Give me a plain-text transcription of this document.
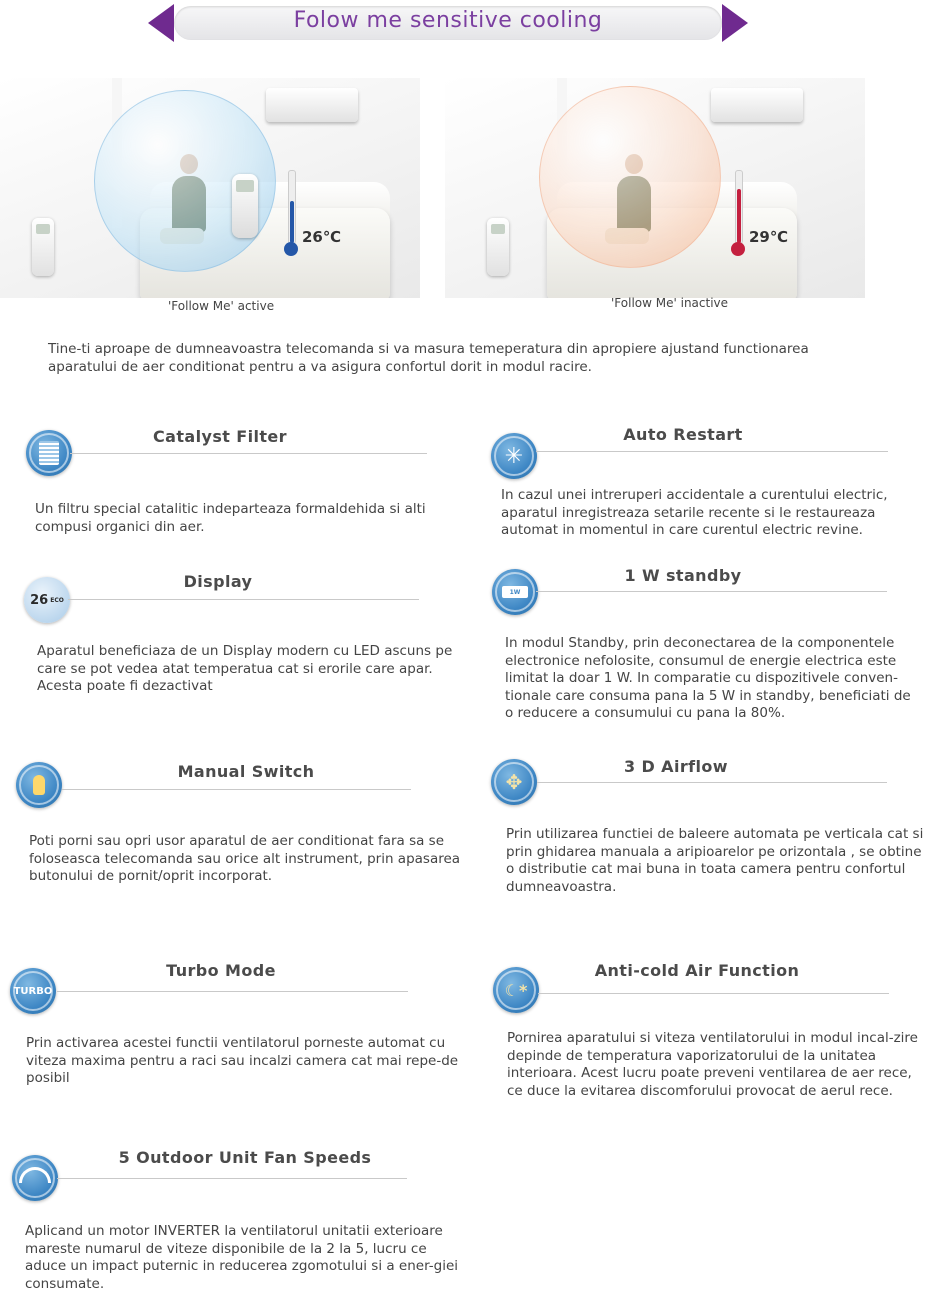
Folow me sensitive cooling
26℃
'Follow Me' active
29℃
'Follow Me' inactive
Tine-ti aproape de dumneavoastra telecomanda si va masura temeperatura din apropiere ajustand functionarea aparatului de aer conditionat pentru a va asigura confortul dorit in modul racire.
Catalyst Filter
Un filtru special catalitic indeparteaza formaldehida si alti compusi organici din aer.
✳
Auto Restart
In cazul unei intreruperi accidentale a curentului electric, aparatul inregistreaza setarile recente si le restaureaza automat in momentul in care curentul electric revine.
26 ECO
Display
Aparatul beneficiaza de un Display modern cu LED ascuns pe care se pot vedea atat temperatua cat si erorile care apar. Acesta poate fi dezactivat
1W
1 W standby
In modul Standby, prin deconectarea de la componentele electronice nefolosite, consumul de energie electrica este limitat la doar 1 W. In comparatie cu dispozitivele conven-tionale care consuma pana la 5 W in standby, beneficiati de o reducere a consumului cu pana la 80%.
Manual Switch
Poti porni sau opri usor aparatul de aer conditionat fara sa se foloseasca telecomanda sau orice alt instrument, prin apasarea butonului de pornit/oprit incorporat.
✥
3 D Airflow
Prin utilizarea functiei de baleere automata pe verticala cat si prin ghidarea manuala a aripioarelor pe orizontala , se obtine o distributie cat mai buna in toata camera pentru confortul dumneavoastra.
TURBO
Turbo Mode
Prin activarea acestei functii ventilatorul porneste automat cu viteza maxima pentru a raci sau incalzi camera cat mai repe-de posibil
☾*
Anti-cold Air Function
Pornirea aparatului si viteza ventilatorului in modul incal-zire depinde de temperatura vaporizatorului de la unitatea interioara. Acest lucru poate preveni ventilarea de aer rece, ce duce la evitarea discomforului provocat de aerul rece.
5 Outdoor Unit Fan Speeds
Aplicand un motor INVERTER la ventilatorul unitatii exterioare mareste numarul de viteze disponibile de la 2 la 5, lucru ce aduce un impact puternic in reducerea zgomotului si a ener-giei consumate.
